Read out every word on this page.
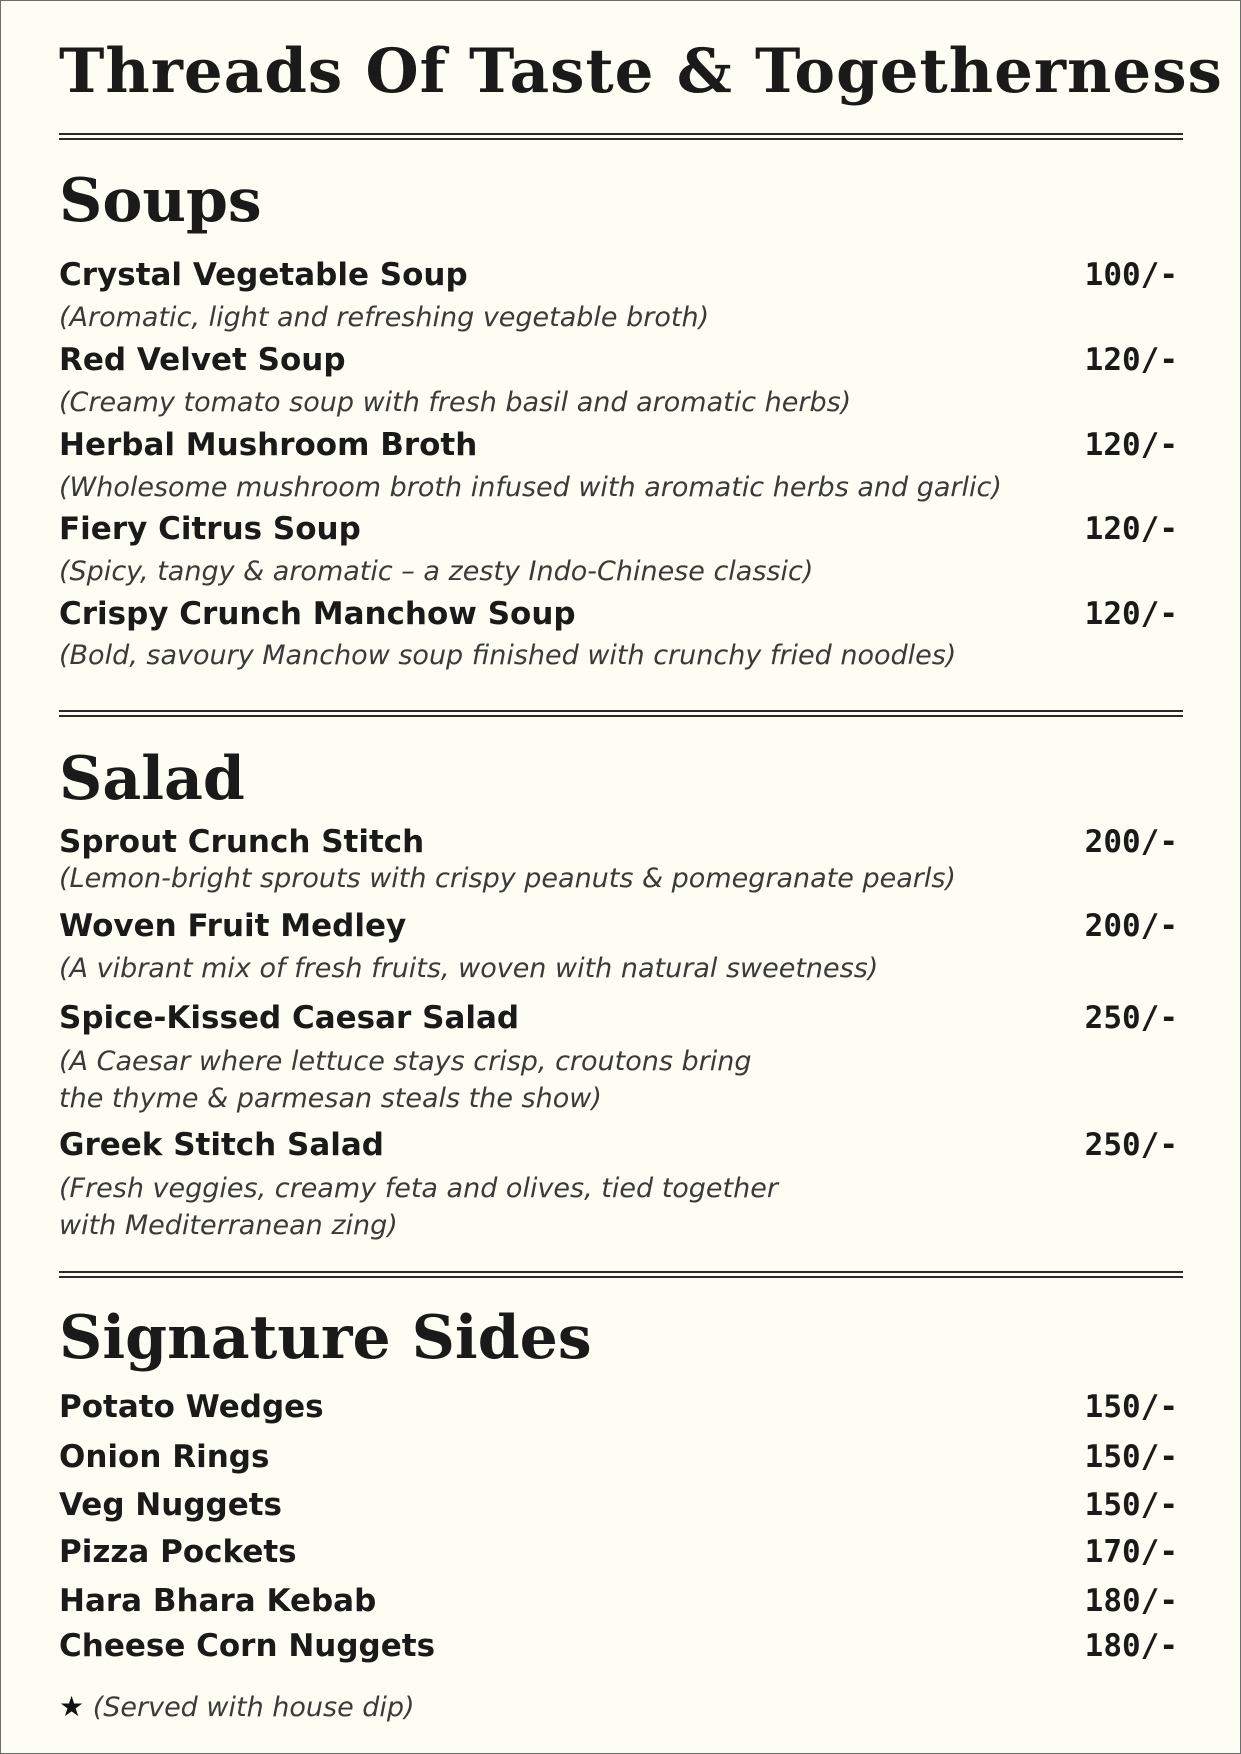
Threads Of Taste & Togetherness
Soups
Crystal Vegetable Soup	100/-
(Aromatic, light and refreshing vegetable broth)
Red Velvet Soup	120/-
(Creamy tomato soup with fresh basil and aromatic herbs)
Herbal Mushroom Broth	120/-
(Wholesome mushroom broth infused with aromatic herbs and garlic)
Fiery Citrus Soup	120/-
(Spicy, tangy & aromatic – a zesty Indo-Chinese classic)
Crispy Crunch Manchow Soup	120/-
(Bold, savoury Manchow soup finished with crunchy fried noodles)
Salad
Sprout Crunch Stitch	200/-
(Lemon-bright sprouts with crispy peanuts & pomegranate pearls)
Woven Fruit Medley	200/-
(A vibrant mix of fresh fruits, woven with natural sweetness)
Spice-Kissed Caesar Salad	250/-
(A Caesar where lettuce stays crisp, croutons bring
the thyme & parmesan steals the show)
Greek Stitch Salad	250/-
(Fresh veggies, creamy feta and olives, tied together
with Mediterranean zing)
Signature Sides
Potato Wedges	150/-
Onion Rings	150/-
Veg Nuggets	150/-
Pizza Pockets	170/-
Hara Bhara Kebab	180/-
Cheese Corn Nuggets	180/-
★ (Served with house dip)
